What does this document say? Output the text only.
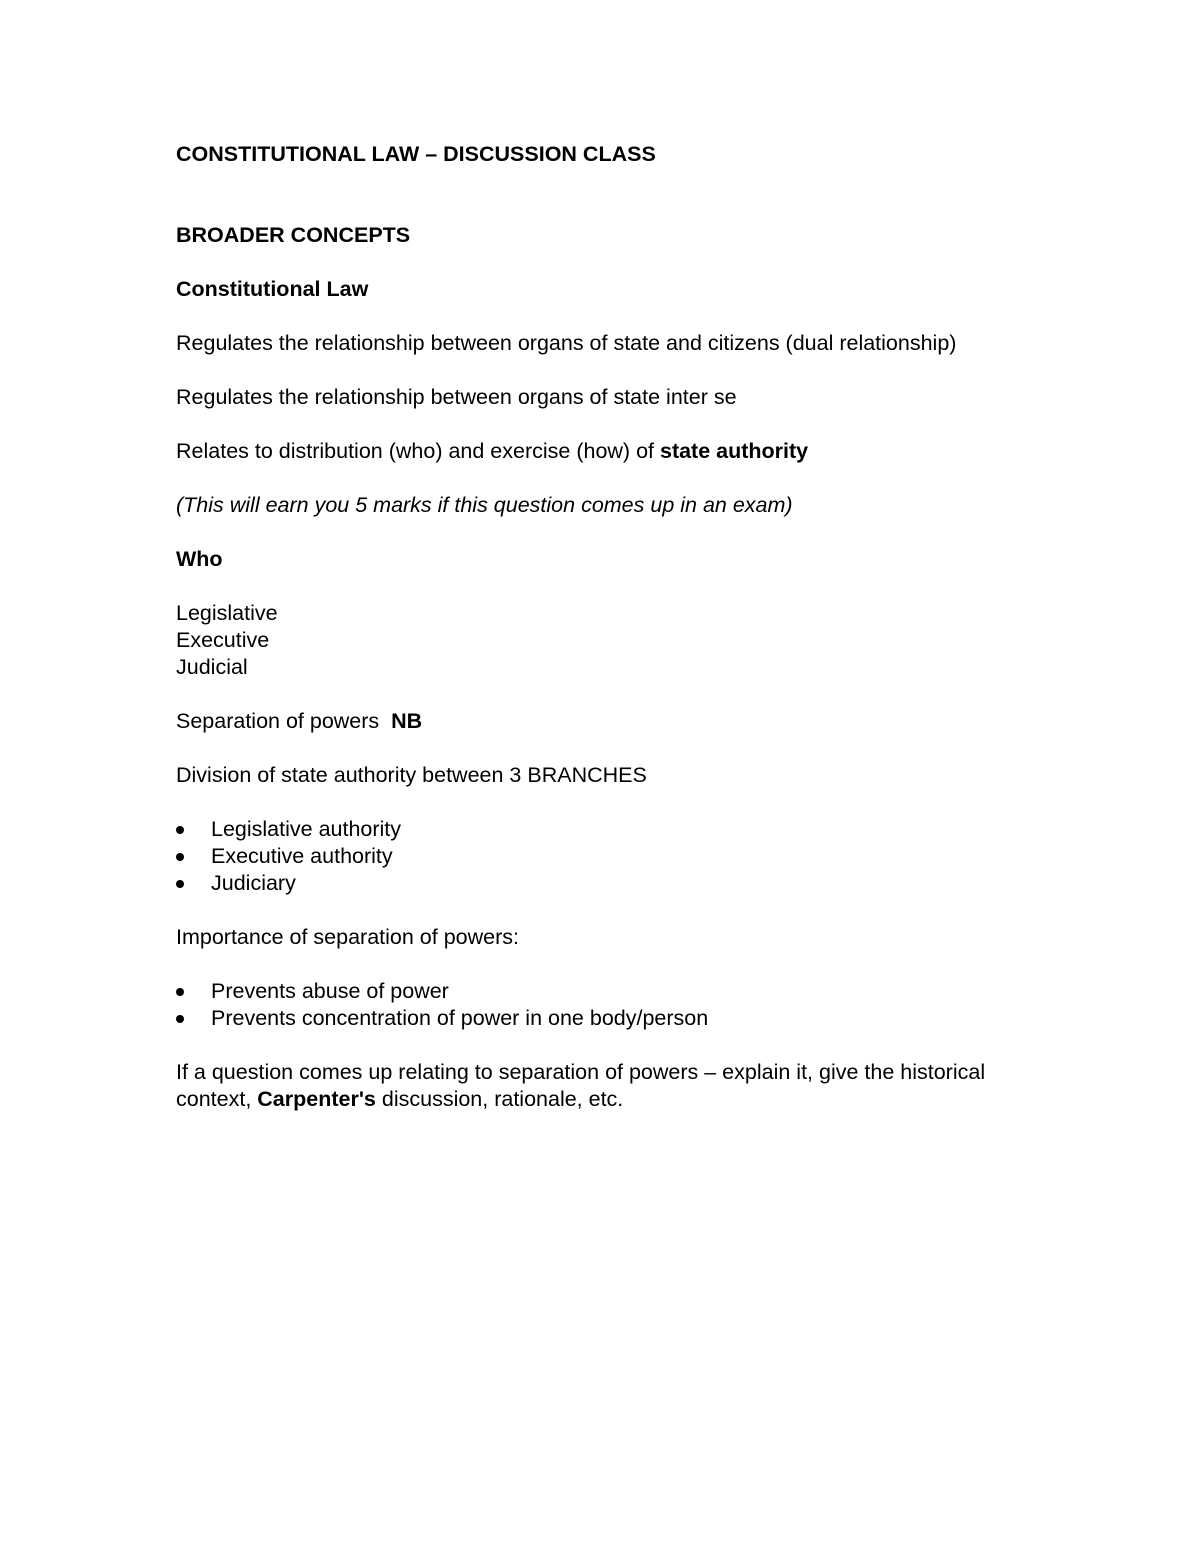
CONSTITUTIONAL LAW – DISCUSSION CLASS

BROADER CONCEPTS

Constitutional Law

Regulates the relationship between organs of state and citizens (dual relationship)

Regulates the relationship between organs of state inter se

Relates to distribution (who) and exercise (how) of state authority

(This will earn you 5 marks if this question comes up in an exam)

Who

Legislative

Executive

Judicial

Separation of powers  NB

Division of state authority between 3 BRANCHES

Legislative authority
Executive authority
Judiciary

Importance of separation of powers:

Prevents abuse of power
Prevents concentration of power in one body/person

If a question comes up relating to separation of powers – explain it, give the historical context, Carpenter's discussion, rationale, etc.
